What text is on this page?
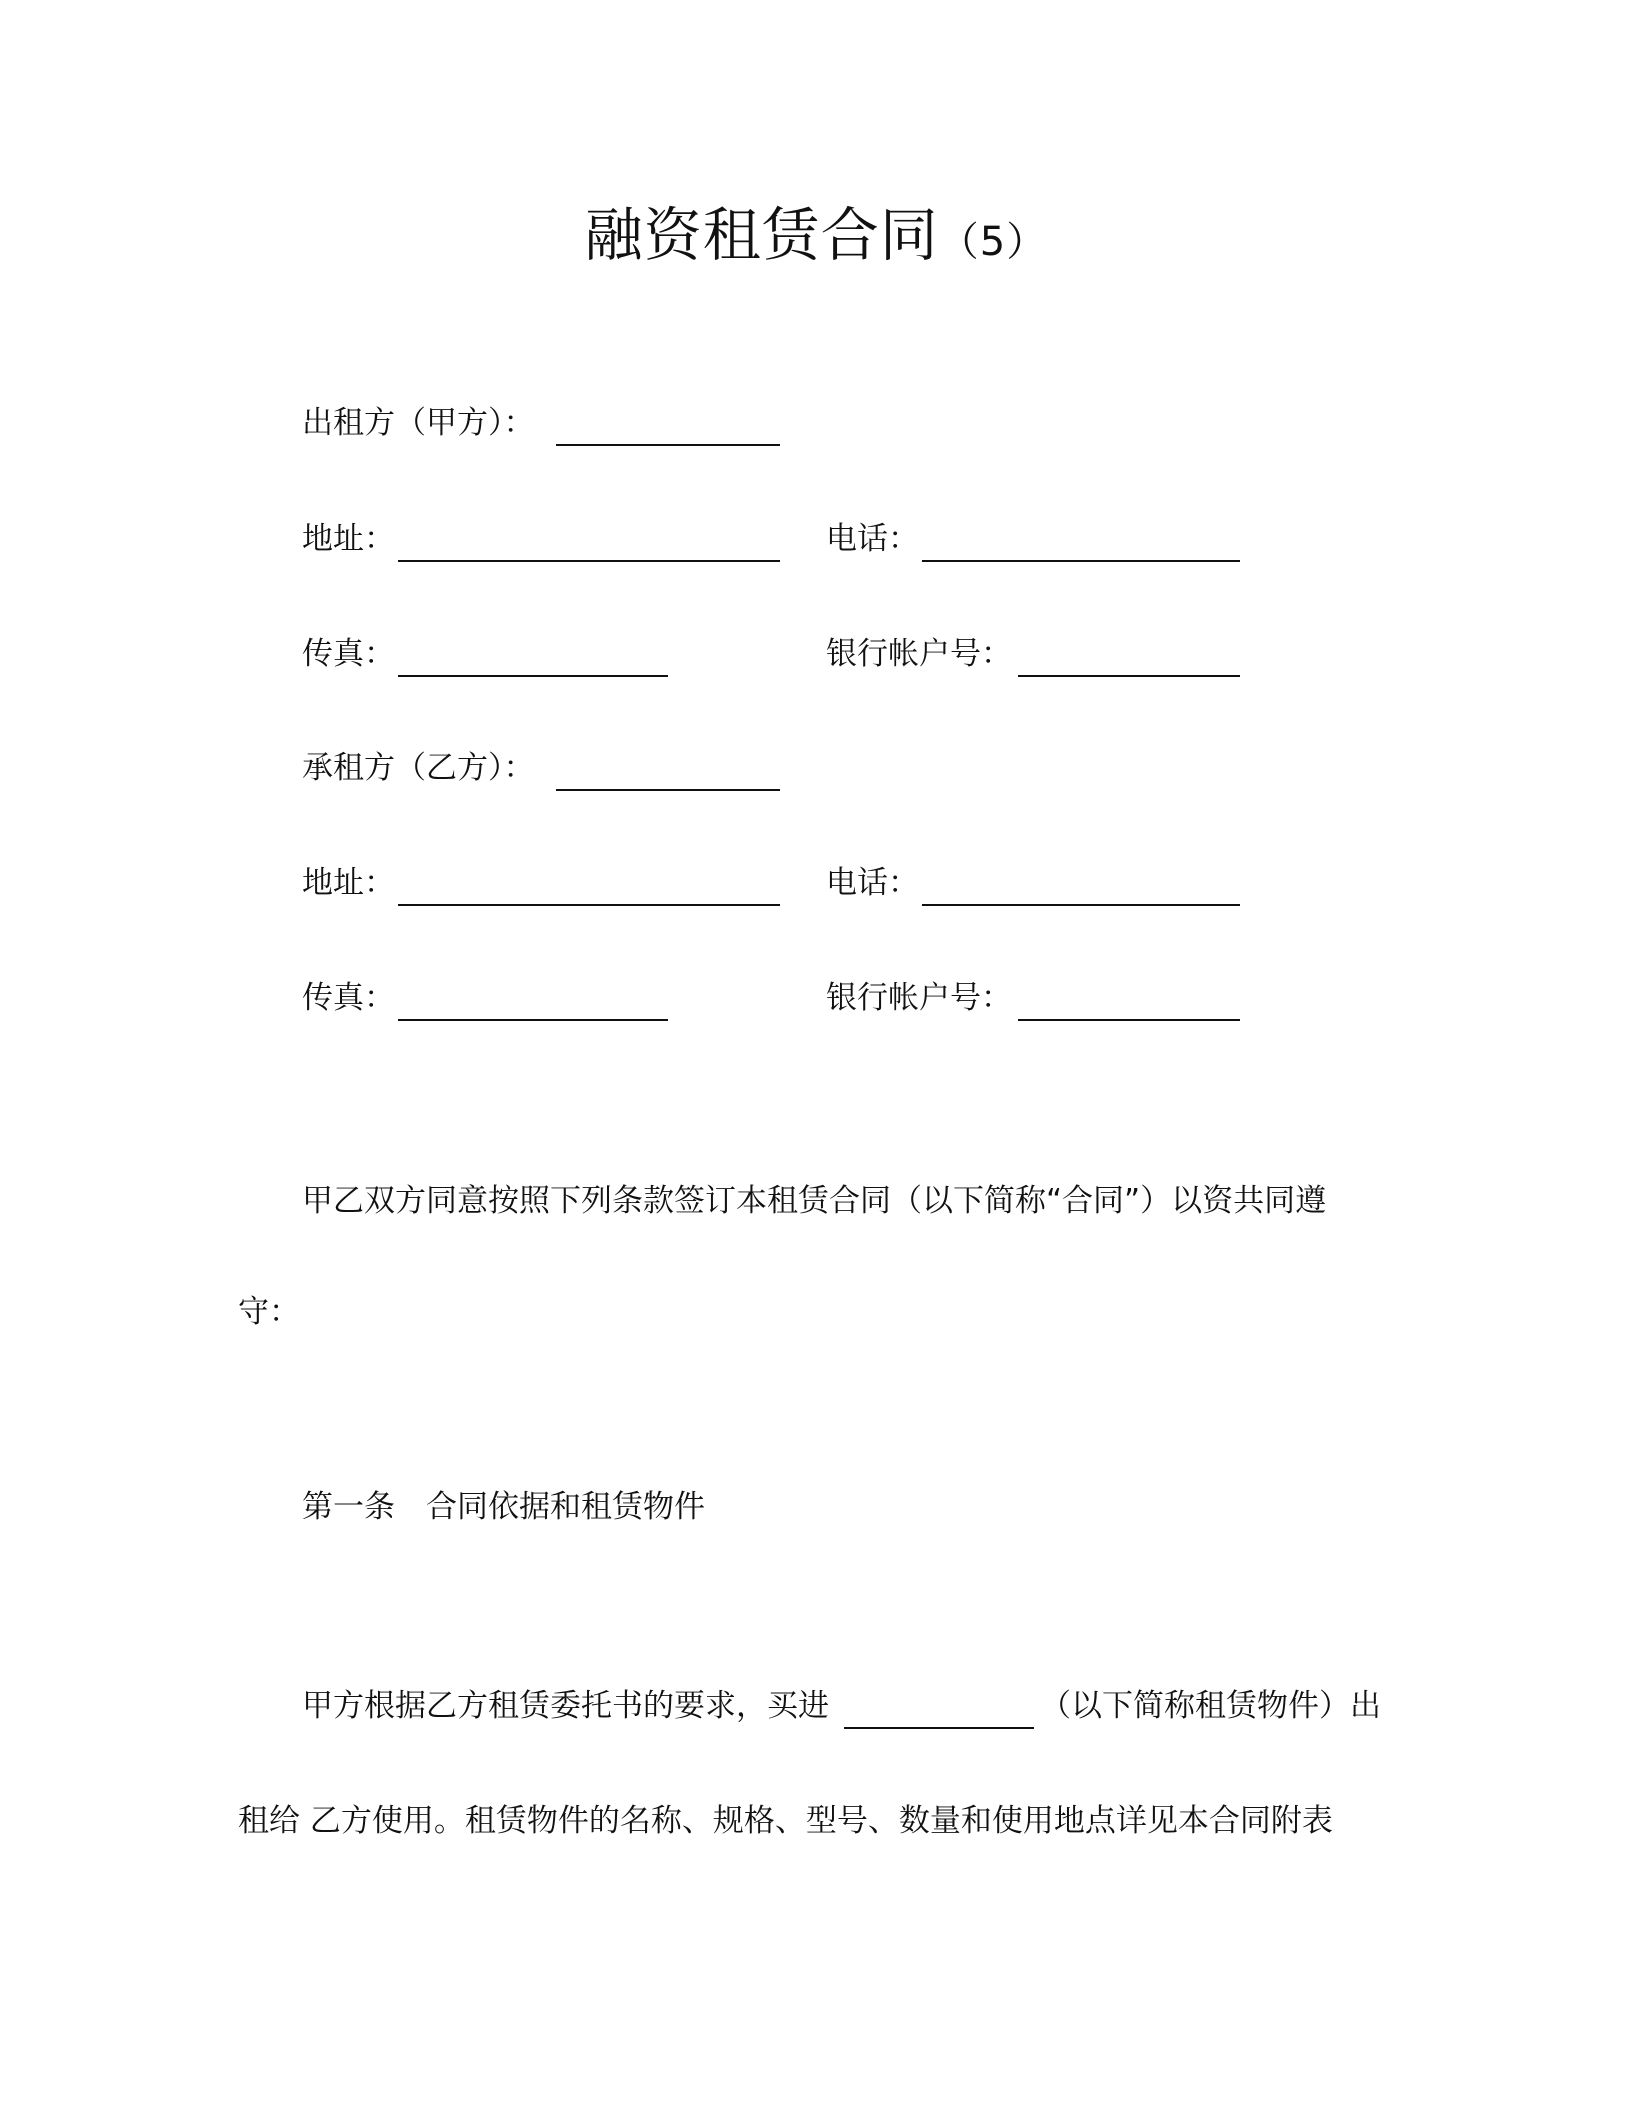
融资租赁合同（5）
出租方（甲方）：
地址：	电话：
传真：	银行帐户号：
承租方（乙方）：
地址：	电话：
传真：	银行帐户号：
甲乙双方同意按照下列条款签订本租赁合同（以下简称“合同”）以资共同遵
守：
第一条　合同依据和租赁物件
甲方根据乙方租赁委托书的要求，买进	（以下简称租赁物件）出
租给 乙方使用。租赁物件的名称、规格、型号、数量和使用地点详见本合同附表
